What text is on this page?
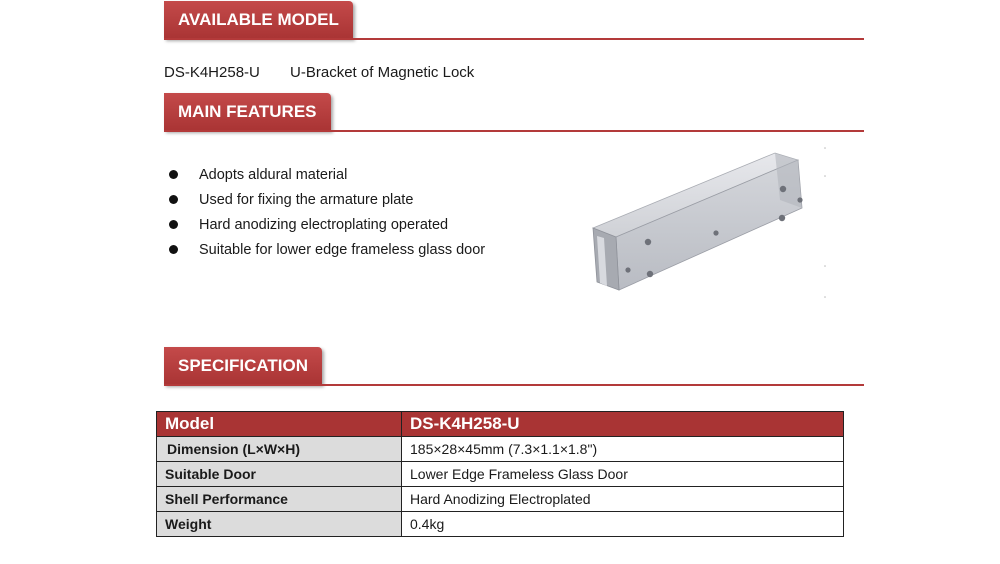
AVAILABLE MODEL
DS-K4H258-U U-Bracket of Magnetic Lock
MAIN FEATURES
Adopts aldural material
Used for fixing the armature plate
Hard anodizing electroplating operated
Suitable for lower edge frameless glass door
SPECIFICATION
Model	DS-K4H258-U
Dimension (L×W×H)	185×28×45mm (7.3×1.1×1.8")
Suitable Door	Lower Edge Frameless Glass Door
Shell Performance	Hard Anodizing Electroplated
Weight	0.4kg
